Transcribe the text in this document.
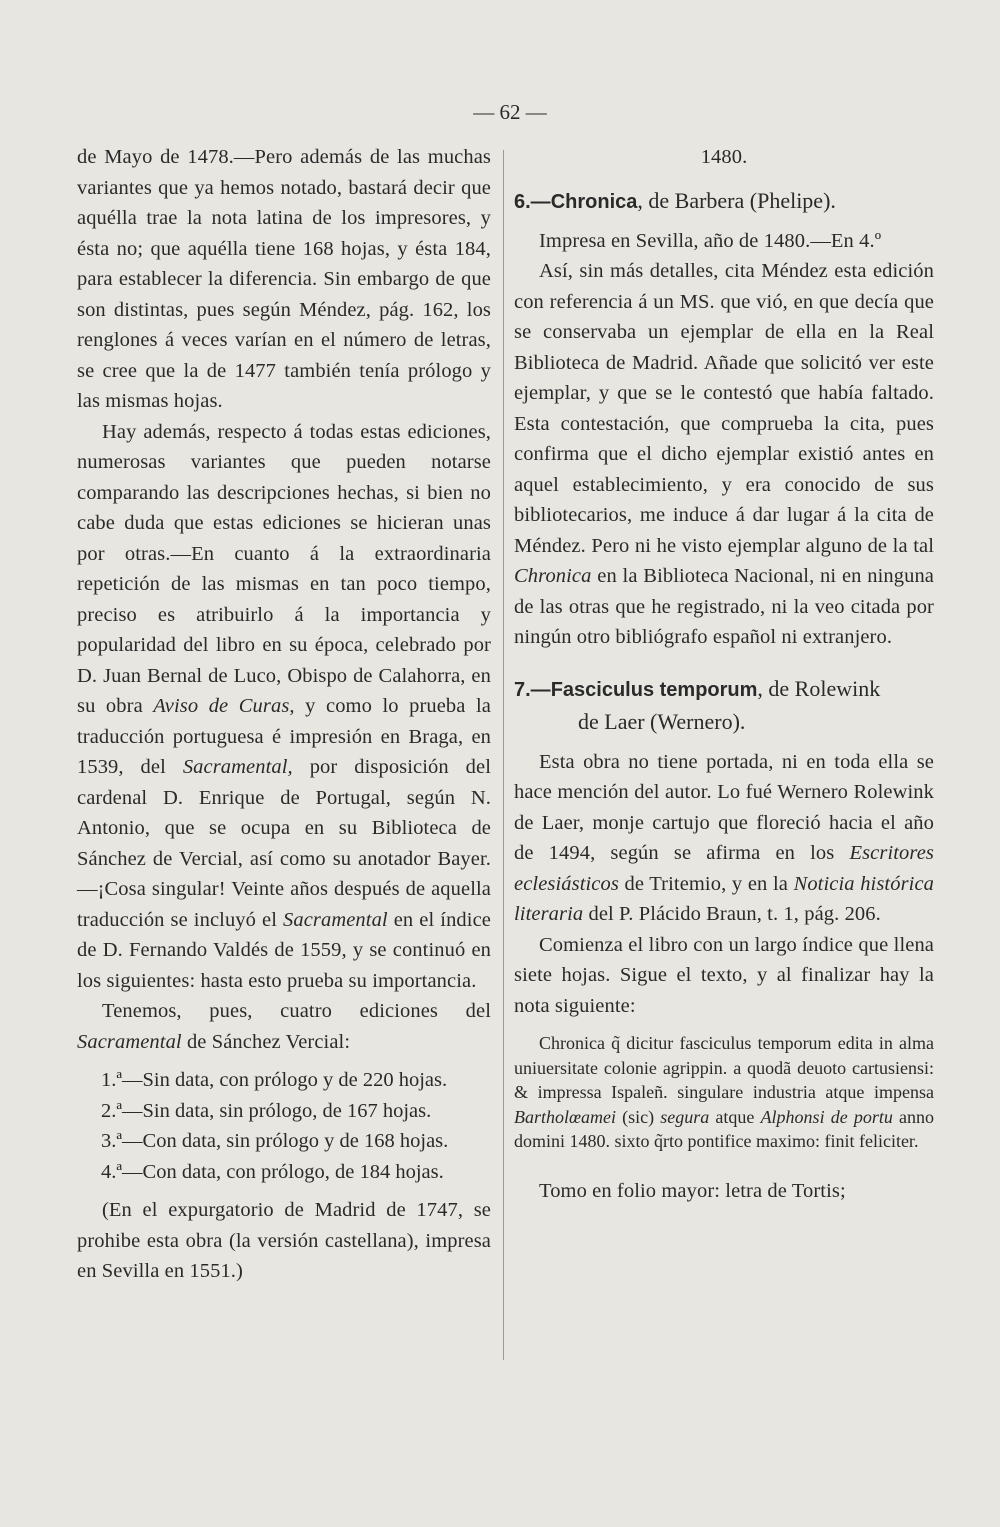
— 62 —

de Mayo de 1478.—Pero además de las muchas variantes que ya hemos notado, bastará decir que aquélla trae la nota latina de los impresores, y ésta no; que aquélla tiene 168 hojas, y ésta 184, para establecer la diferencia. Sin embargo de que son distintas, pues según Méndez, pág. 162, los renglones á veces varían en el número de letras, se cree que la de 1477 también tenía prólogo y las mismas hojas.

Hay además, respecto á todas estas ediciones, numerosas variantes que pueden notarse comparando las descripciones hechas, si bien no cabe duda que estas ediciones se hicieran unas por otras.—En cuanto á la extraordinaria repetición de las mismas en tan poco tiempo, preciso es atribuirlo á la importancia y popularidad del libro en su época, celebrado por D. Juan Bernal de Luco, Obispo de Calahorra, en su obra Aviso de Curas, y como lo prueba la traducción portuguesa é impresión en Braga, en 1539, del Sacramental, por disposición del cardenal D. Enrique de Portugal, según N. Antonio, que se ocupa en su Biblioteca de Sánchez de Vercial, así como su anotador Bayer.—¡Cosa singular! Veinte años después de aquella traducción se incluyó el Sacramental en el índice de D. Fernando Valdés de 1559, y se continuó en los siguientes: hasta esto prueba su importancia.

Tenemos, pues, cuatro ediciones del Sacramental de Sánchez Vercial:

1.ª—Sin data, con prólogo y de 220 hojas.

2.ª—Sin data, sin prólogo, de 167 hojas.

3.ª—Con data, sin prólogo y de 168 hojas.

4.ª—Con data, con prólogo, de 184 hojas.

(En el expurgatorio de Madrid de 1747, se prohibe esta obra (la versión castellana), impresa en Sevilla en 1551.)

1480.

6.—Chronica, de Barbera (Phelipe).

Impresa en Sevilla, año de 1480.—En 4.º

Así, sin más detalles, cita Méndez esta edición con referencia á un MS. que vió, en que decía que se conservaba un ejemplar de ella en la Real Biblioteca de Madrid. Añade que solicitó ver este ejemplar, y que se le contestó que había faltado. Esta contestación, que comprueba la cita, pues confirma que el dicho ejemplar existió antes en aquel establecimiento, y era conocido de sus bibliotecarios, me induce á dar lugar á la cita de Méndez. Pero ni he visto ejemplar alguno de la tal Chronica en la Biblioteca Nacional, ni en ninguna de las otras que he registrado, ni la veo citada por ningún otro bibliógrafo español ni extranjero.

7.—Fasciculus temporum, de Rolewink

de Laer (Wernero).

Esta obra no tiene portada, ni en toda ella se hace mención del autor. Lo fué Wernero Rolewink de Laer, monje cartujo que floreció hacia el año de 1494, según se afirma en los Escritores eclesiásticos de Tritemio, y en la Noticia histórica literaria del P. Plácido Braun, t. 1, pág. 206.

Comienza el libro con un largo índice que llena siete hojas. Sigue el texto, y al finalizar hay la nota siguiente:

Chronica q̃ dicitur fasciculus temporum edita in alma uniuersitate colonie agrippin. a quodã deuoto cartusiensi: & impressa Ispaleñ. singulare industria atque impensa Bartholœamei (sic) segura atque Alphonsi de portu anno domini 1480. sixto q̃rto pontifice maximo: finit feliciter.

Tomo en folio mayor: letra de Tortis;
